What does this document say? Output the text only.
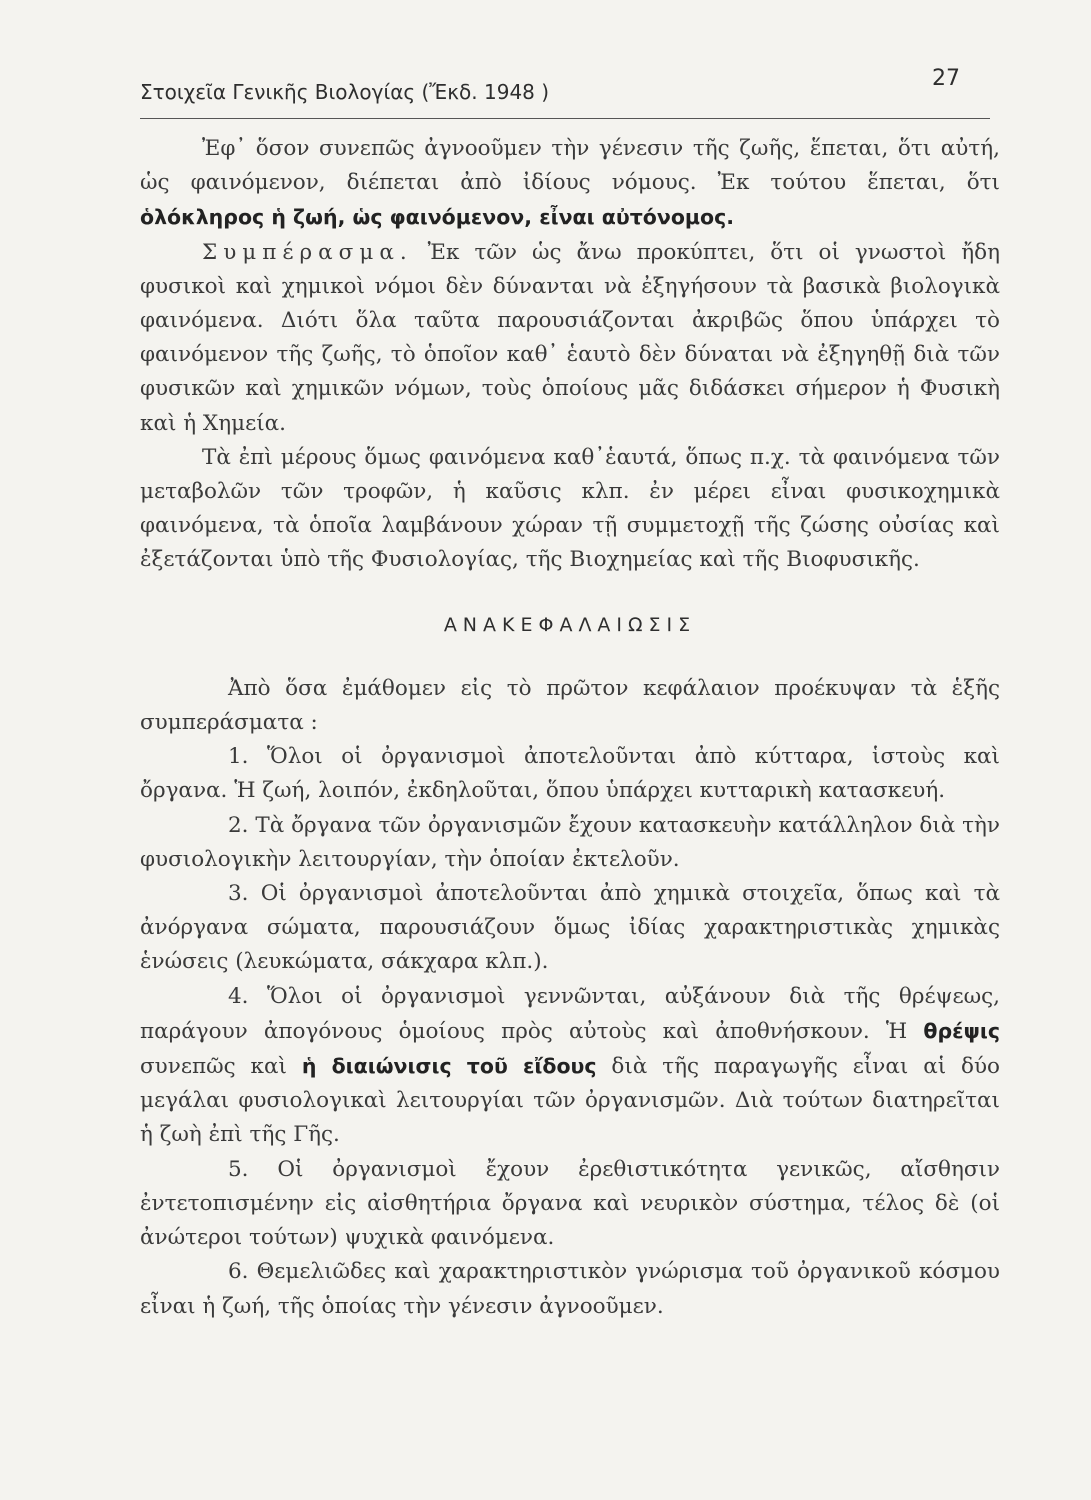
Στοιχεῖα Γενικῆς Βιολογίας (Ἔκδ. 1948 )
27

Ἐφ᾽ ὅσον συνεπῶς ἀγνοοῦμεν τὴν γένεσιν τῆς ζωῆς, ἕπεται, ὅτι αὐτή, ὡς φαινόμενον, διέπεται ἀπὸ ἰδίους νόμους. Ἐκ τούτου ἕπεται, ὅτι ὁλόκληρος ἡ ζωή, ὡς φαινόμενον, εἶναι αὐτόνομος.

Συμπέρασμα. Ἐκ τῶν ὡς ἄνω προκύπτει, ὅτι οἱ γνωστοὶ ἤδη φυσικοὶ καὶ χημικοὶ νόμοι δὲν δύνανται νὰ ἐξηγήσουν τὰ βασικὰ βιολογικὰ φαινόμενα. Διότι ὅλα ταῦτα παρουσιάζονται ἀκριβῶς ὅπου ὑπάρχει τὸ φαινόμενον τῆς ζωῆς, τὸ ὁποῖον καθ᾽ ἑαυτὸ δὲν δύναται νὰ ἐξηγηθῇ διὰ τῶν φυσικῶν καὶ χημικῶν νόμων, τοὺς ὁποίους μᾶς διδάσκει σήμερον ἡ Φυσικὴ καὶ ἡ Χημεία.

Τὰ ἐπὶ μέρους ὅμως φαινόμενα καθ᾽ἑαυτά, ὅπως π.χ. τὰ φαινόμενα τῶν μεταβολῶν τῶν τροφῶν, ἡ καῦσις κλπ. ἐν μέρει εἶναι φυσικοχημικὰ φαινόμενα, τὰ ὁποῖα λαμβάνουν χώραν τῇ συμμετοχῇ τῆς ζώσης οὐσίας καὶ ἐξετάζονται ὑπὸ τῆς Φυσιολογίας, τῆς Βιοχημείας καὶ τῆς Βιοφυσικῆς.

ΑΝΑΚΕΦΑΛΑΙΩΣΙΣ

Ἀπὸ ὅσα ἐμάθομεν εἰς τὸ πρῶτον κεφάλαιον προέκυψαν τὰ ἑξῆς συμπεράσματα :

1. Ὅλοι οἱ ὀργανισμοὶ ἀποτελοῦνται ἀπὸ κύτταρα, ἱστοὺς καὶ ὄργανα. Ἡ ζωή, λοιπόν, ἐκδηλοῦται, ὅπου ὑπάρχει κυτταρικὴ κατασκευή.

2. Τὰ ὄργανα τῶν ὀργανισμῶν ἔχουν κατασκευὴν κατάλληλον διὰ τὴν φυσιολογικὴν λειτουργίαν, τὴν ὁποίαν ἐκτελοῦν.

3. Οἱ ὀργανισμοὶ ἀποτελοῦνται ἀπὸ χημικὰ στοιχεῖα, ὅπως καὶ τὰ ἀνόργανα σώματα, παρουσιάζουν ὅμως ἰδίας χαρακτηριστικὰς χημικὰς ἑνώσεις (λευκώματα, σάκχαρα κλπ.).

4. Ὅλοι οἱ ὀργανισμοὶ γεννῶνται, αὐξάνουν διὰ τῆς θρέψεως, παράγουν ἀπογόνους ὁμοίους πρὸς αὐτοὺς καὶ ἀποθνήσκουν. Ἡ θρέψις συνεπῶς καὶ ἡ διαιώνισις τοῦ εἴδους διὰ τῆς παραγωγῆς εἶναι αἱ δύο μεγάλαι φυσιολογικαὶ λειτουργίαι τῶν ὀργανισμῶν. Διὰ τούτων διατηρεῖται ἡ ζωὴ ἐπὶ τῆς Γῆς.

5. Οἱ ὀργανισμοὶ ἔχουν ἐρεθιστικότητα γενικῶς, αἴσθησιν ἐντετοπισμένην εἰς αἰσθητήρια ὄργανα καὶ νευρικὸν σύστημα, τέλος δὲ (οἱ ἀνώτεροι τούτων) ψυχικὰ φαινόμενα.

6. Θεμελιῶδες καὶ χαρακτηριστικὸν γνώρισμα τοῦ ὀργανικοῦ κόσμου εἶναι ἡ ζωή, τῆς ὁποίας τὴν γένεσιν ἀγνοοῦμεν.
